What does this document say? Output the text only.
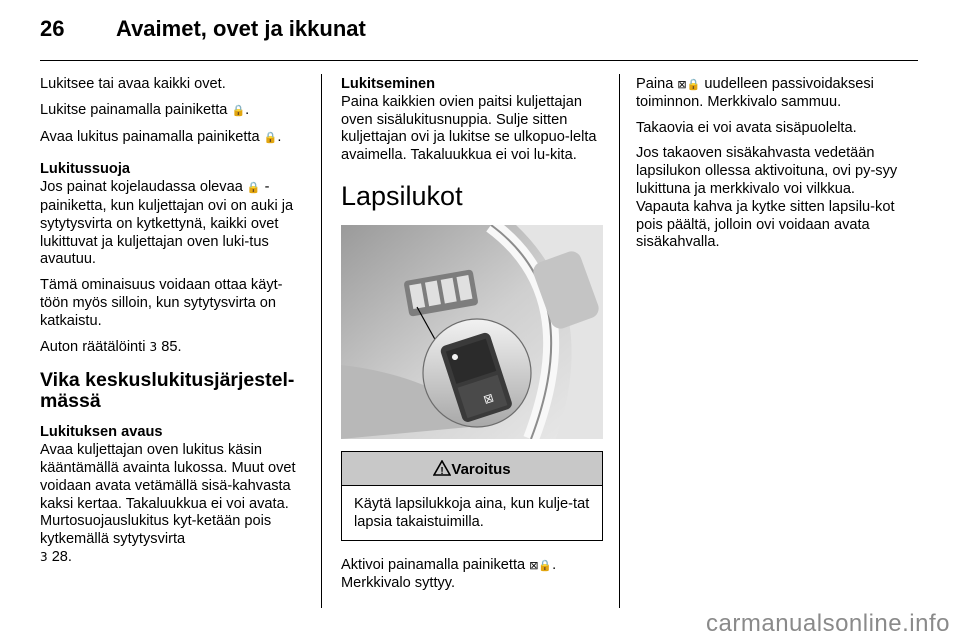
26 Avaimet, ovet ja ikkunat

Lukitsee tai avaa kaikki ovet.

Lukitse painamalla painiketta 🔒.

Avaa lukitus painamalla painiketta 🔒.

Lukitussuoja

Jos painat kojelaudassa olevaa 🔒 -painiketta, kun kuljettajan ovi on auki ja sytytysvirta on kytkettynä, kaikki ovet lukittuvat ja kuljettajan oven luki-tus avautuu.

Tämä ominaisuus voidaan ottaa käyt-töön myös silloin, kun sytytysvirta on katkaistu.

Auton räätälöinti 3 85.

Vika keskuslukitusjärjestel-mässä

Lukituksen avaus

Avaa kuljettajan oven lukitus käsin kääntämällä avainta lukossa. Muut ovet voidaan avata vetämällä sisä-kahvasta kaksi kertaa. Takaluukkua ei voi avata. Murtosuojauslukitus kyt-ketään pois kytkemällä sytytysvirta
3 28.

Lukitseminen

Paina kaikkien ovien paitsi kuljettajan oven sisälukitusnuppia. Sulje sitten kuljettajan ovi ja lukitse se ulkopuo-lelta avaimella. Takaluukkua ei voi lu-kita.

Lapsilukot
⊠
! Varoitus
Käytä lapsilukkoja aina, kun kulje-tat lapsia takaistuimilla.

Aktivoi painamalla painiketta ⊠🔒. Merkkivalo syttyy.

Paina ⊠🔒 uudelleen passivoidaksesi toiminnon. Merkkivalo sammuu.

Takaovia ei voi avata sisäpuolelta.

Jos takaoven sisäkahvasta vedetään lapsilukon ollessa aktivoituna, ovi py-syy lukittuna ja merkkivalo voi vilkkua. Vapauta kahva ja kytke sitten lapsilu-kot pois päältä, jolloin ovi voidaan avata sisäkahvalla.

carmanualsonline.info
